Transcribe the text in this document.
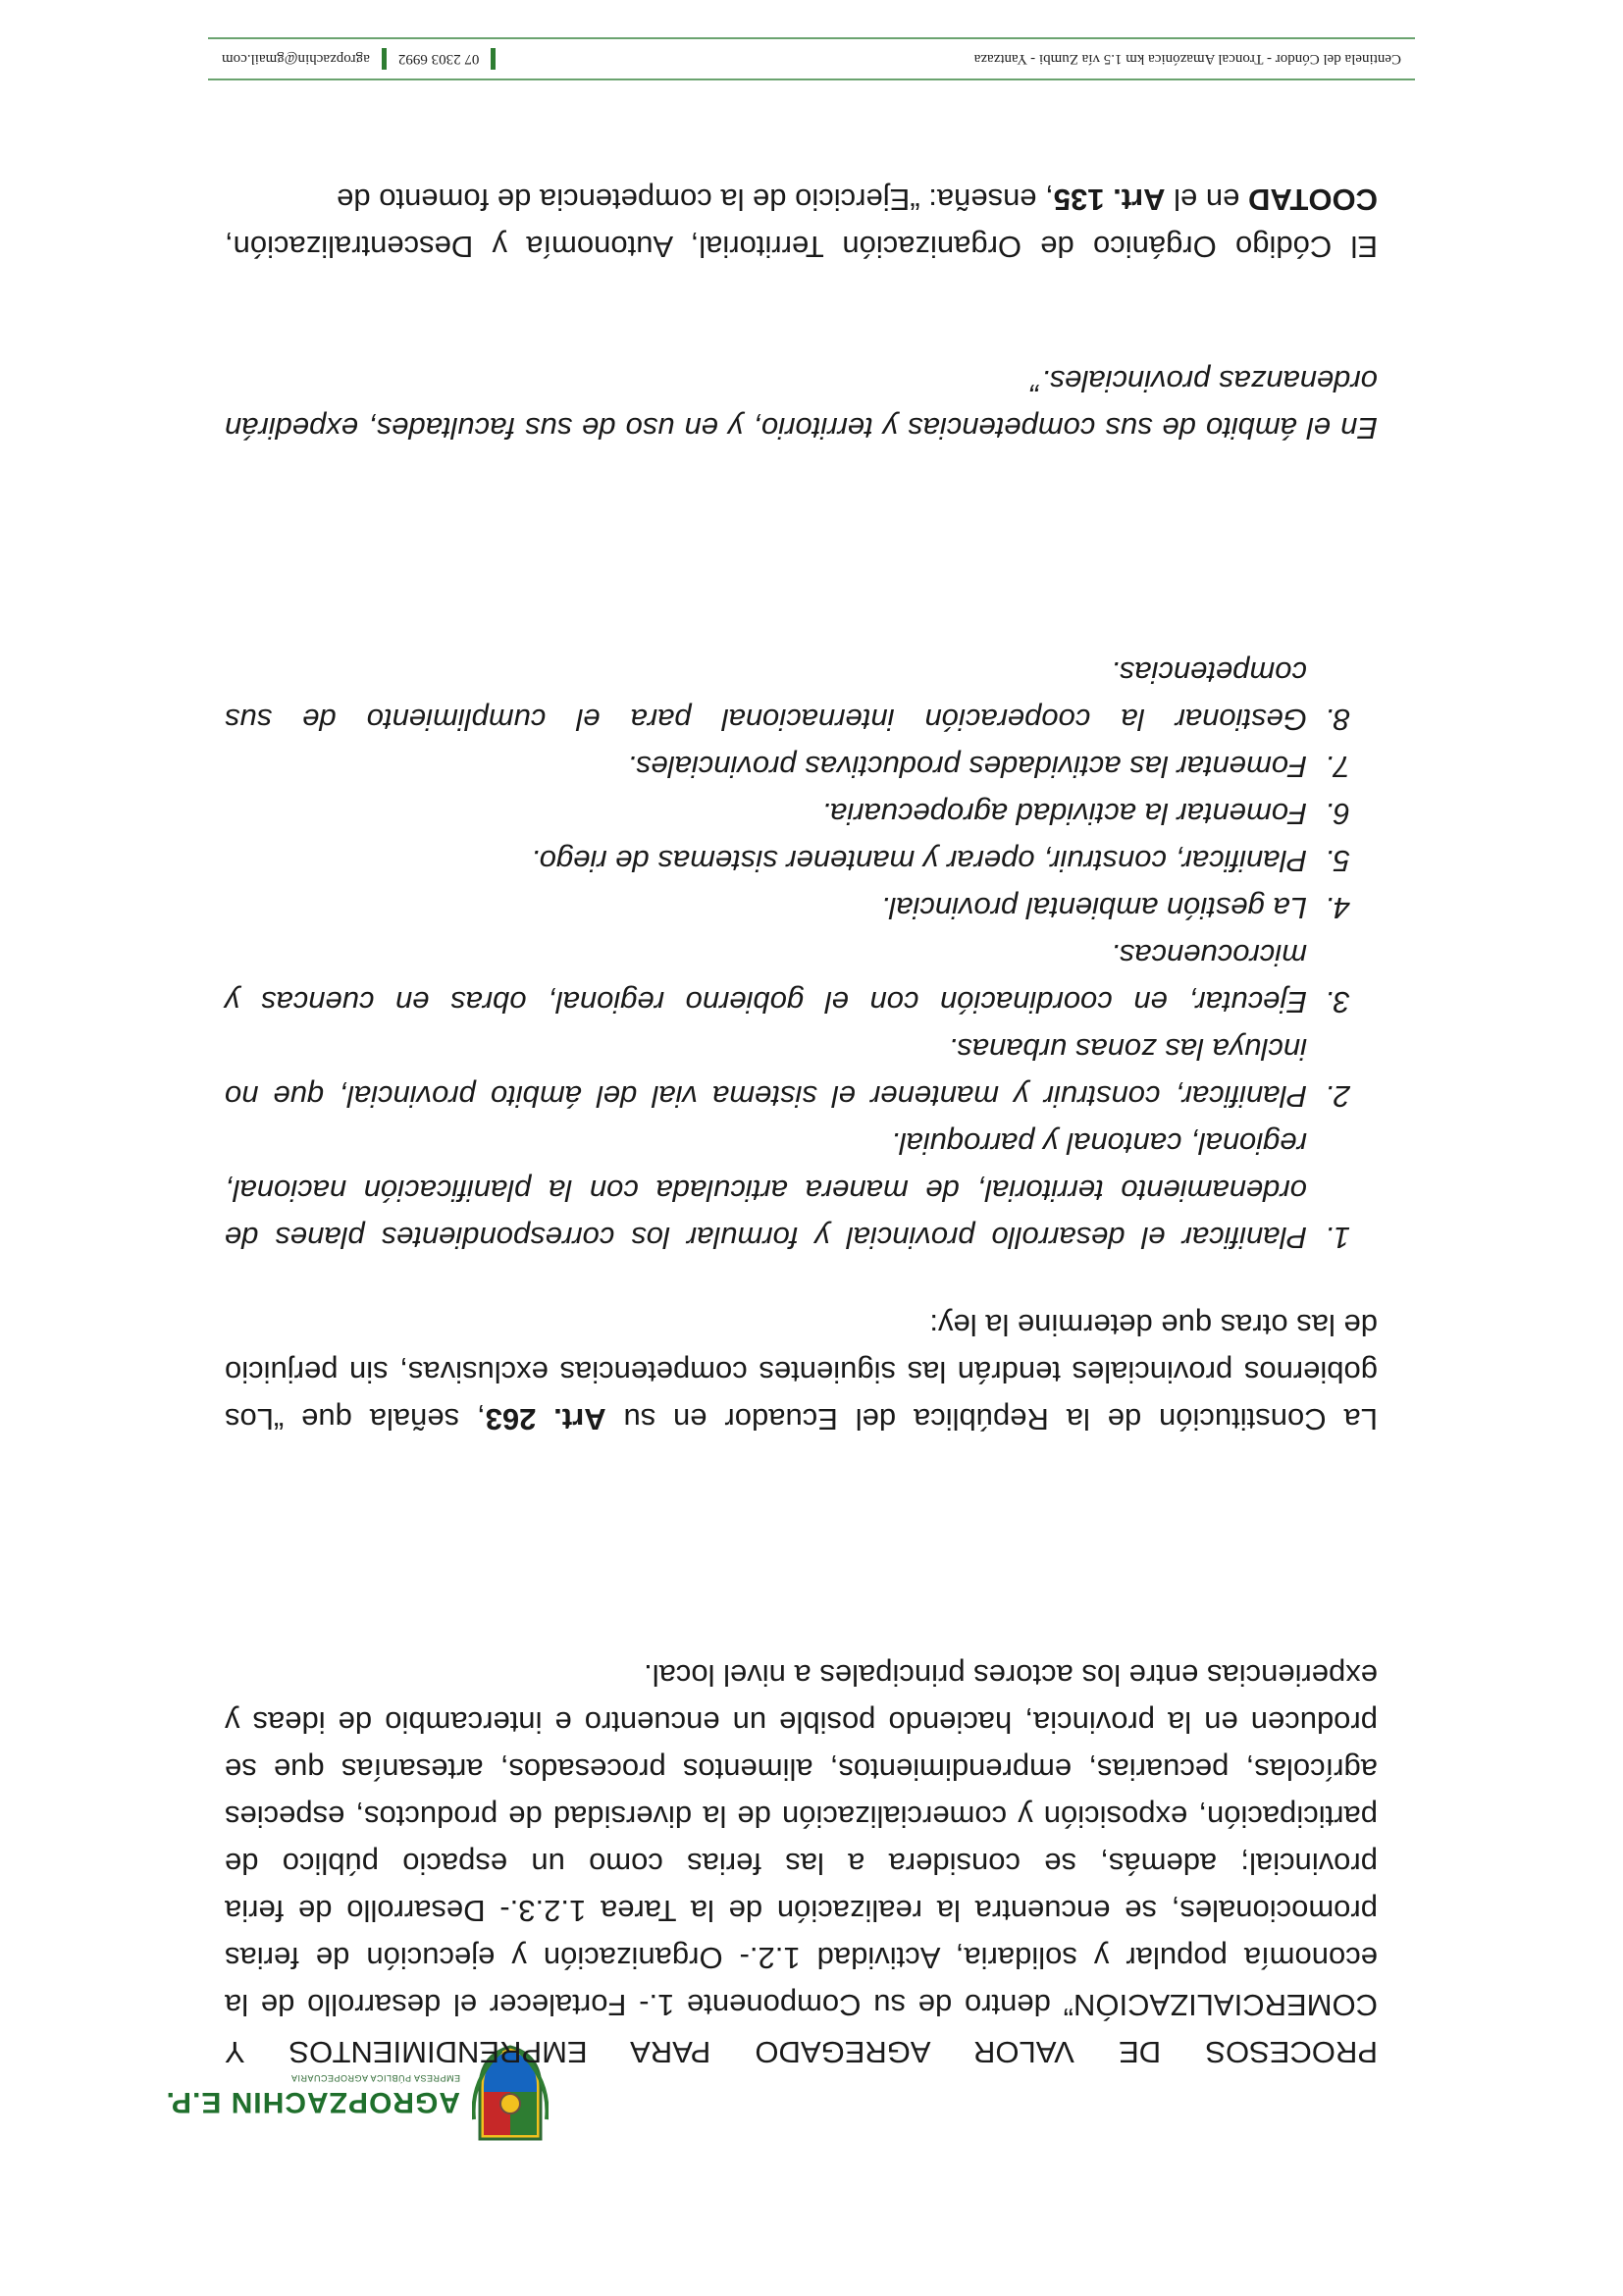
AGROPZACHIN E.P.
EMPRESA PÚBLICA AGROPECUARIA

PROCESOS DE VALOR AGREGADO PARA EMPRENDIMIENTOS Y COMERCIALIZACIÓN” dentro de su Componente 1.- Fortalecer el desarrollo de la economía popular y solidaria, Actividad 1.2.- Organización y ejecución de ferias promocionales, se encuentra la realización de la Tarea 1.2.3.- Desarrollo de feria provincial; además, se considera a las ferias como un espacio público de participación, exposición y comercialización de la diversidad de productos, especies agrícolas, pecuarias, emprendimientos, alimentos procesados, artesanías que se producen en la provincia, haciendo posible un encuentro e intercambio de ideas y experiencias entre los actores principales a nivel local.

La Constitución de la República del Ecuador en su Art. 263, señala que “Los gobiernos provinciales tendrán las siguientes competencias exclusivas, sin perjuicio de las otras que determine la ley:

1.
Planificar el desarrollo provincial y formular los correspondientes planes de ordenamiento territorial, de manera articulada con la planificación nacional, regional, cantonal y parroquial.
2.
Planificar, construir y mantener el sistema vial del ámbito provincial, que no incluya las zonas urbanas.
3.
Ejecutar, en coordinación con el gobierno regional, obras en cuencas y microcuencas.
4.
La gestión ambiental provincial.
5.
Planificar, construir, operar y mantener sistemas de riego.
6.
Fomentar la actividad agropecuaria.
7.
Fomentar las actividades productivas provinciales.
8.
Gestionar la cooperación internacional para el cumplimiento de sus competencias.

En el ámbito de sus competencias y territorio, y en uso de sus facultades, expedirán ordenanzas provinciales.”

El Código Orgánico de Organización Territorial, Autonomía y Descentralización, COOTAD en el Art. 135, enseña: “Ejercicio de la competencia de fomento de

Centinela del Cóndor - Troncal Amazónica km 1.5 vía Zumbi - Yantzaza
07 2303 6992
agropzachin@gmail.com
